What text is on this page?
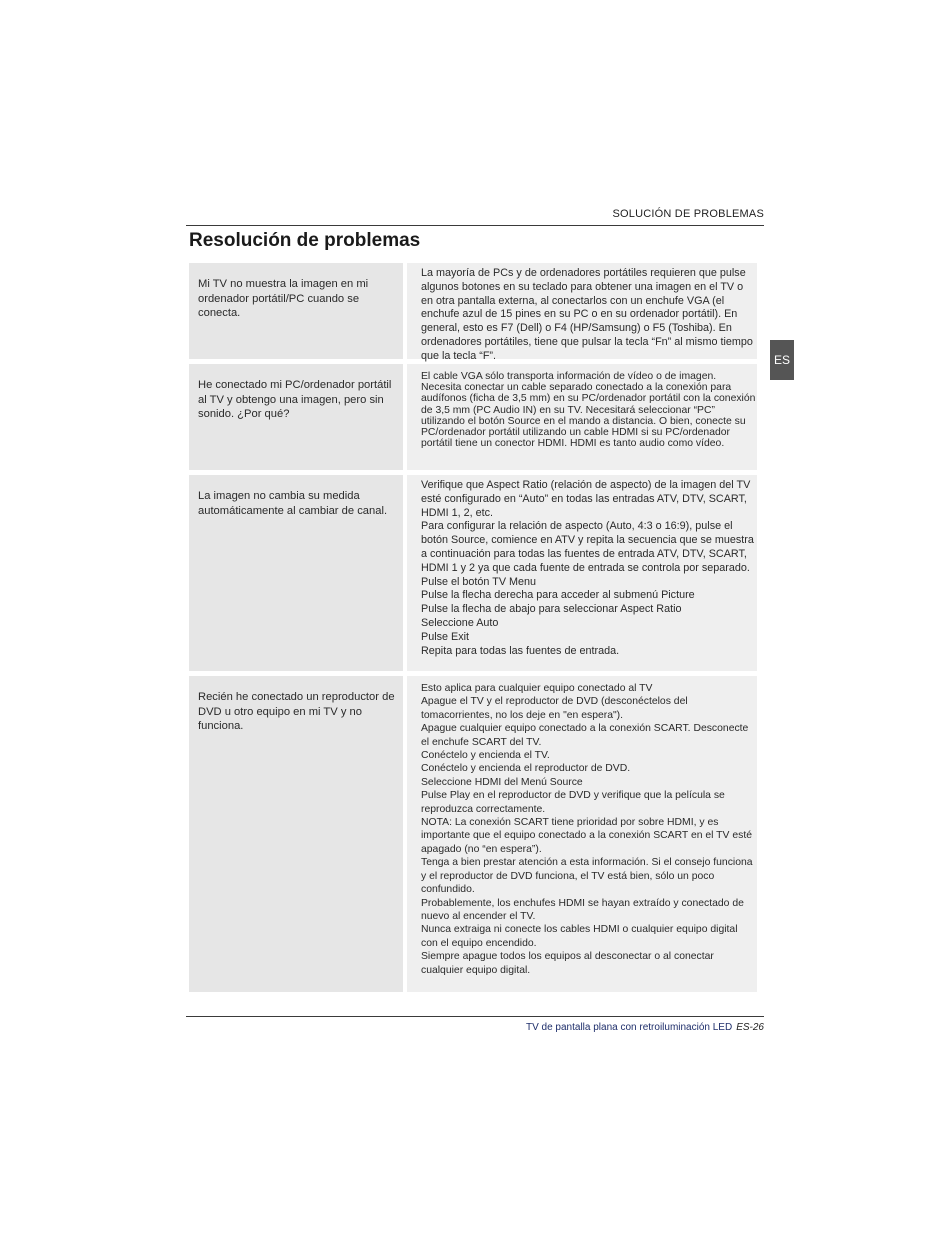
SOLUCIÓN DE PROBLEMAS
Resolución de problemas
ES
Mi TV no muestra la imagen en mi ordenador portátil/PC cuando se conecta.

La mayoría de PCs y de ordenadores portátiles requieren que pulse algunos botones en su teclado para obtener una imagen en el TV o en otra pantalla externa, al conectarlos con un enchufe VGA (el enchufe azul de 15 pines en su PC o en su ordenador portátil). En general, esto es F7 (Dell) o F4 (HP/Samsung) o F5 (Toshiba). En ordenadores portátiles, tiene que pulsar la tecla “Fn” al mismo tiempo que la tecla “F”.

He conectado mi PC/ordenador portátil al TV y obtengo una imagen, pero sin sonido. ¿Por qué?

El cable VGA sólo transporta información de vídeo o de imagen. Necesita conectar un cable separado conectado a la conexión para audífonos (ficha de 3,5 mm) en su PC/ordenador portátil con la conexión de 3,5 mm (PC Audio IN) en su TV. Necesitará seleccionar “PC” utilizando el botón Source en el mando a distancia. O bien, conecte su PC/ordenador portátil utilizando un cable HDMI si su PC/ordenador portátil tiene un conector HDMI. HDMI es tanto audio como vídeo.

La imagen no cambia su medida automáticamente al cambiar de canal.

Verifique que Aspect Ratio (relación de aspecto) de la imagen del TV esté configurado en “Auto” en todas las entradas ATV, DTV, SCART, HDMI 1, 2, etc.

Para configurar la relación de aspecto (Auto, 4:3 o 16:9), pulse el botón Source, comience en ATV y repita la secuencia que se muestra a continuación para todas las fuentes de entrada ATV, DTV, SCART, HDMI 1 y 2 ya que cada fuente de entrada se controla por separado.

Pulse el botón TV Menu

Pulse la flecha derecha para acceder al submenú Picture

Pulse la flecha de abajo para seleccionar Aspect Ratio

Seleccione Auto

Pulse Exit

Repita para todas las fuentes de entrada.

Recién he conectado un reproductor de DVD u otro equipo en mi TV y no funciona.

Esto aplica para cualquier equipo conectado al TV

Apague el TV y el reproductor de DVD (desconéctelos del tomacorrientes, no los deje en "en espera").

Apague cualquier equipo conectado a la conexión SCART. Desconecte el enchufe SCART del TV.

Conéctelo y encienda el TV.

Conéctelo y encienda el reproductor de DVD.

Seleccione HDMI del Menú Source

Pulse Play en el reproductor de DVD y verifique que la película se reproduzca correctamente.

NOTA: La conexión SCART tiene prioridad por sobre HDMI, y es importante que el equipo conectado a la conexión SCART en el TV esté apagado (no “en espera”).

Tenga a bien prestar atención a esta información. Si el consejo funciona y el reproductor de DVD funciona, el TV está bien, sólo un poco confundido.

Probablemente, los enchufes HDMI se hayan extraído y conectado de nuevo al encender el TV.

Nunca extraiga ni conecte los cables HDMI o cualquier equipo digital con el equipo encendido.

Siempre apague todos los equipos al desconectar o al conectar cualquier equipo digital.

TV de pantalla plana con retroiluminación LED ES-26
